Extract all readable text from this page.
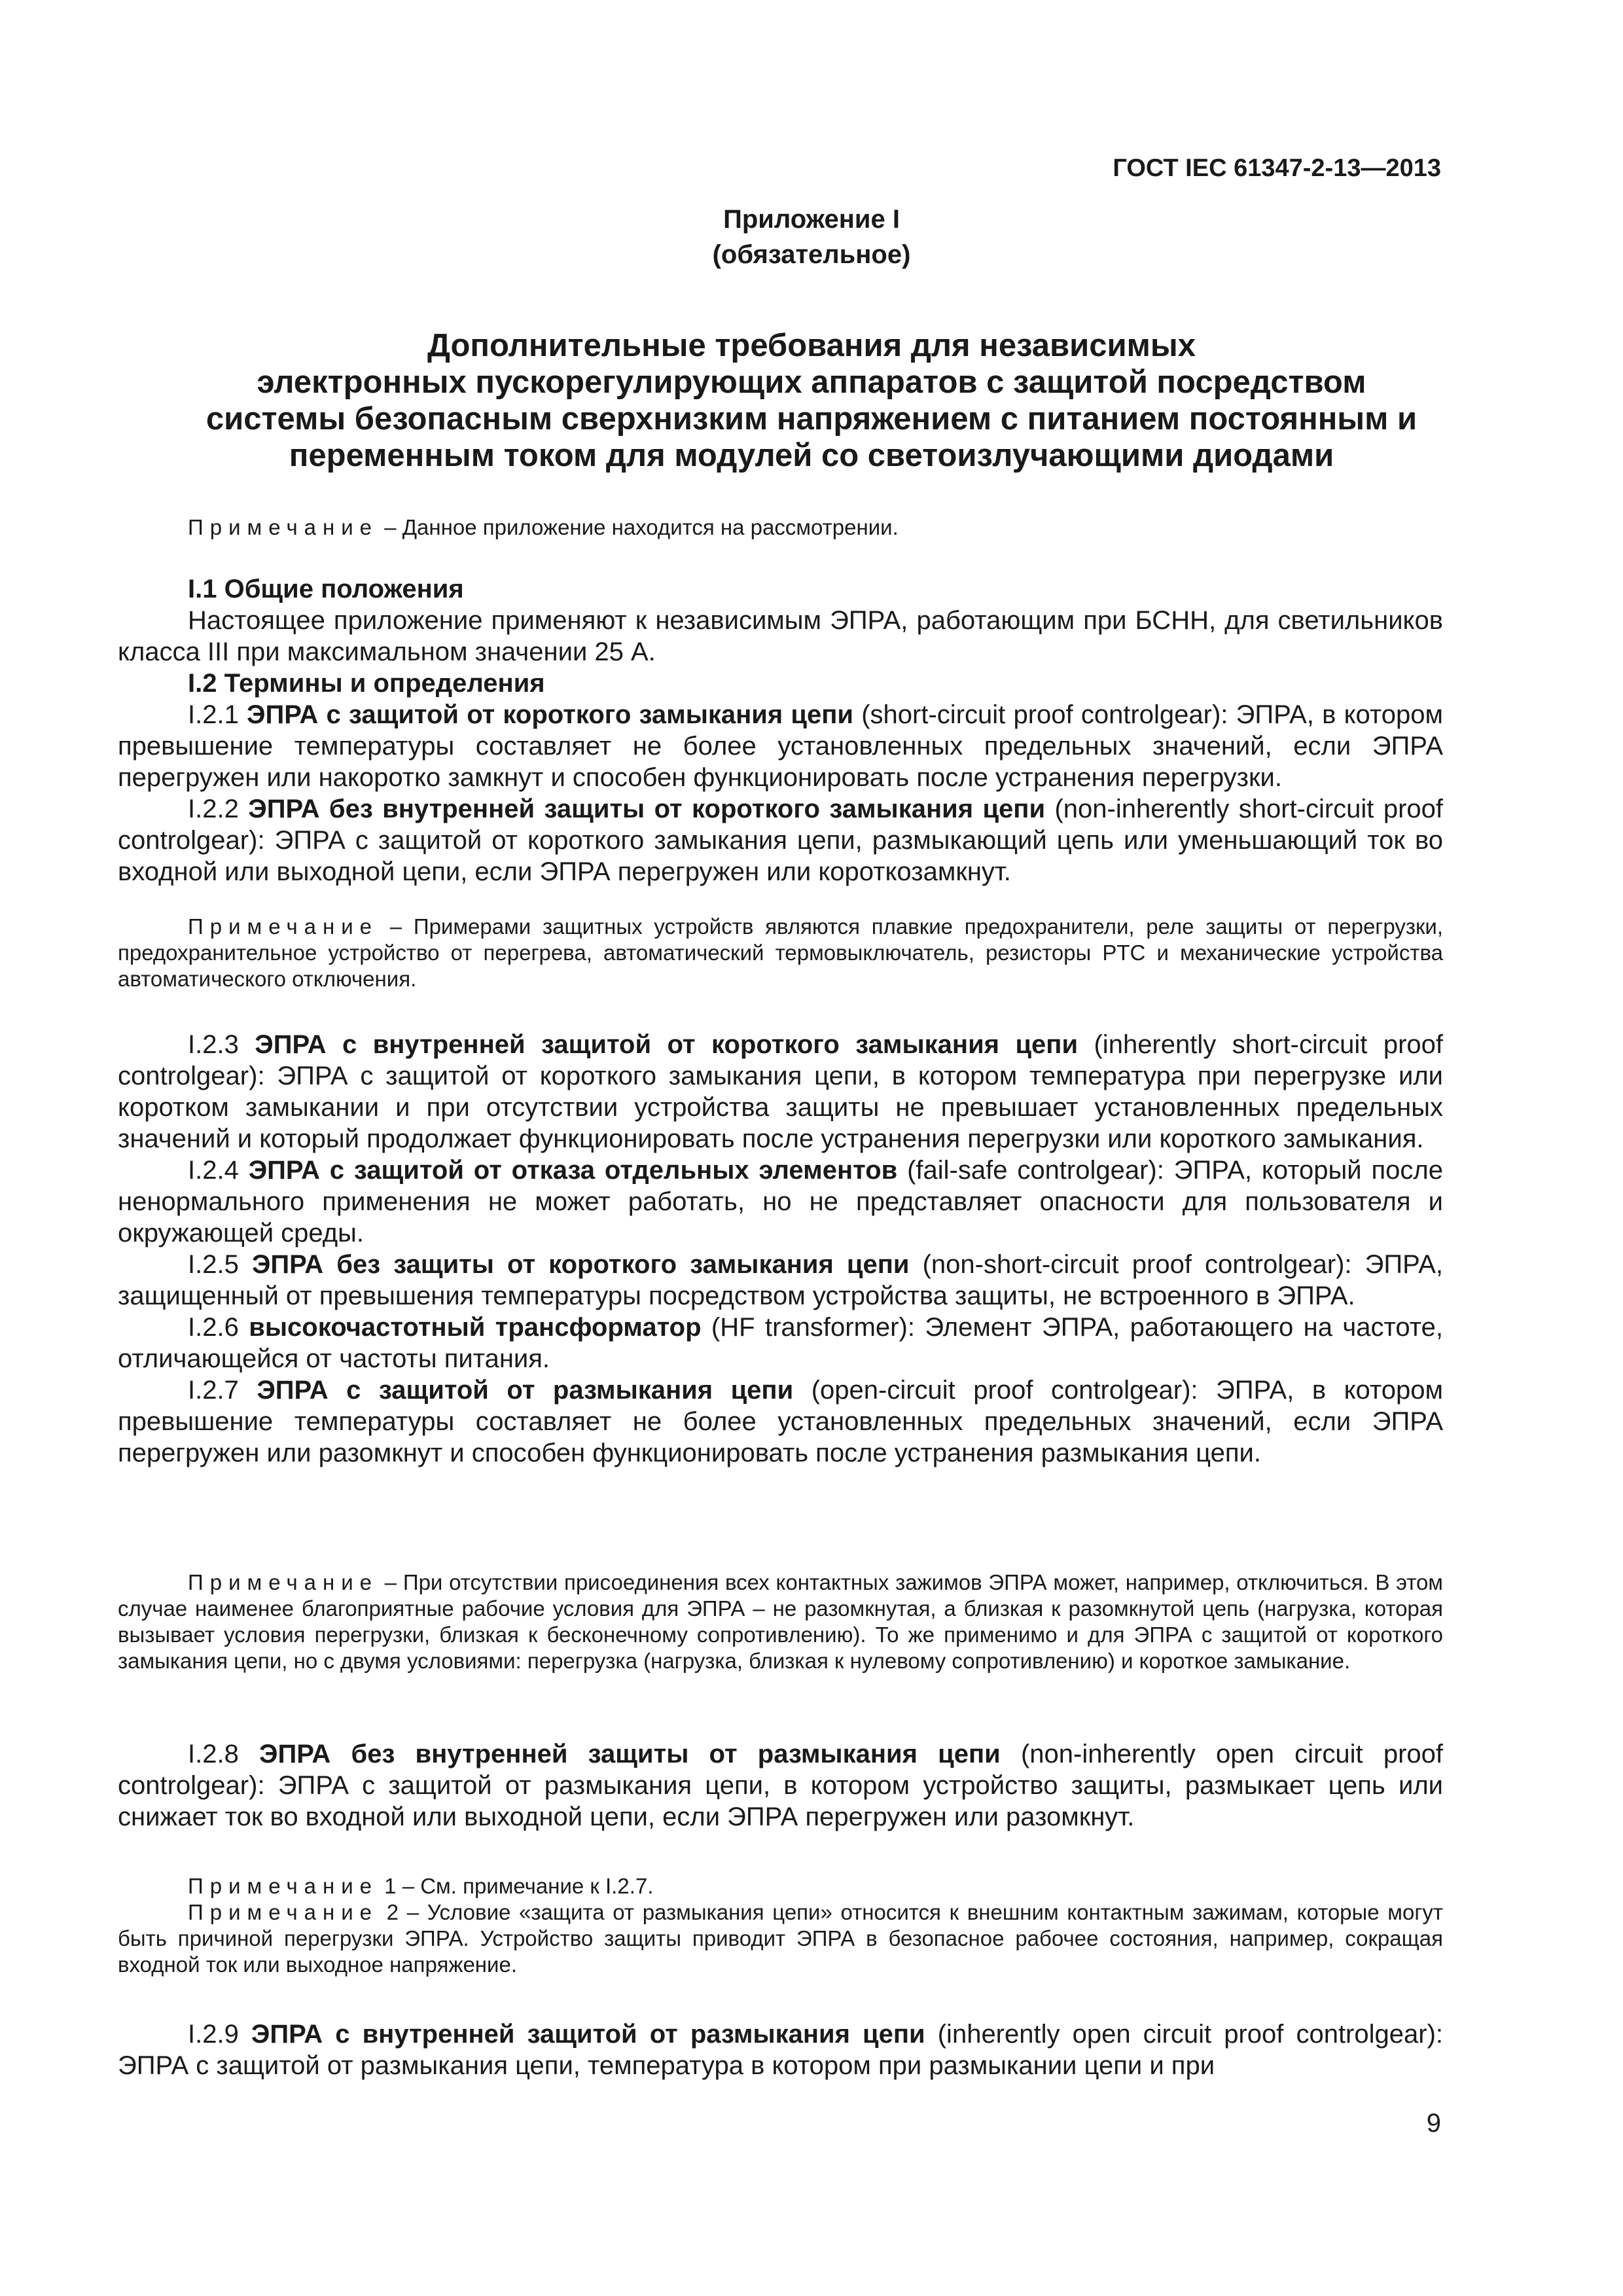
ГОСТ IEC 61347-2-13—2013
Приложение I
(обязательное)
Дополнительные требования для независимых
электронных пускорегулирующих аппаратов с защитой посредством
системы безопасным сверхнизким напряжением с питанием постоянным и
переменным током для модулей со светоизлучающими диодами

Примечание – Данное приложение находится на рассмотрении.

I.1 Общие положения

Настоящее приложение применяют к независимым ЭПРА, работающим при БСНН, для светильников класса III при максимальном значении 25 А.

I.2 Термины и определения

I.2.1 ЭПРА с защитой от короткого замыкания цепи (short-circuit proof controlgear): ЭПРА, в котором превышение температуры составляет не более установленных предельных значений, если ЭПРА перегружен или накоротко замкнут и способен функционировать после устранения перегрузки.

I.2.2 ЭПРА без внутренней защиты от короткого замыкания цепи (non-inherently short-circuit proof controlgear): ЭПРА с защитой от короткого замыкания цепи, размыкающий цепь или уменьшающий ток во входной или выходной цепи, если ЭПРА перегружен или короткозамкнут.

Примечание – Примерами защитных устройств являются плавкие предохранители, реле защиты от перегрузки, предохранительное устройство от перегрева, автоматический термовыключатель, резисторы PTC и механические устройства автоматического отключения.

I.2.3 ЭПРА с внутренней защитой от короткого замыкания цепи (inherently short-circuit proof controlgear): ЭПРА с защитой от короткого замыкания цепи, в котором температура при перегрузке или коротком замыкании и при отсутствии устройства защиты не превышает установленных предельных значений и который продолжает функционировать после устранения перегрузки или короткого замыкания.

I.2.4 ЭПРА с защитой от отказа отдельных элементов (fail-safe controlgear): ЭПРА, который после ненормального применения не может работать, но не представляет опасности для пользователя и окружающей среды.

I.2.5 ЭПРА без защиты от короткого замыкания цепи (non-short-circuit proof controlgear): ЭПРА, защищенный от превышения температуры посредством устройства защиты, не встроенного в ЭПРА.

I.2.6 высокочастотный трансформатор (HF transformer): Элемент ЭПРА, работающего на частоте, отличающейся от частоты питания.

I.2.7 ЭПРА с защитой от размыкания цепи (open-circuit proof controlgear): ЭПРА, в котором превышение температуры составляет не более установленных предельных значений, если ЭПРА перегружен или разомкнут и способен функционировать после устранения размыкания цепи.

Примечание – При отсутствии присоединения всех контактных зажимов ЭПРА может, например, отключиться. В этом случае наименее благоприятные рабочие условия для ЭПРА – не разомкнутая, а близкая к разомкнутой цепь (нагрузка, которая вызывает условия перегрузки, близкая к бесконечному сопротивлению). То же применимо и для ЭПРА с защитой от короткого замыкания цепи, но с двумя условиями: перегрузка (нагрузка, близкая к нулевому сопротивлению) и короткое замыкание.

I.2.8 ЭПРА без внутренней защиты от размыкания цепи (non-inherently open circuit proof controlgear): ЭПРА с защитой от размыкания цепи, в котором устройство защиты, размыкает цепь или снижает ток во входной или выходной цепи, если ЭПРА перегружен или разомкнут.

Примечание 1 – См. примечание к I.2.7.

Примечание 2 – Условие «защита от размыкания цепи» относится к внешним контактным зажимам, которые могут быть причиной перегрузки ЭПРА. Устройство защиты приводит ЭПРА в безопасное рабочее состояния, например, сокращая входной ток или выходное напряжение.

I.2.9 ЭПРА с внутренней защитой от размыкания цепи (inherently open circuit proof controlgear): ЭПРА с защитой от размыкания цепи, температура в котором при размыкании цепи и при

9
